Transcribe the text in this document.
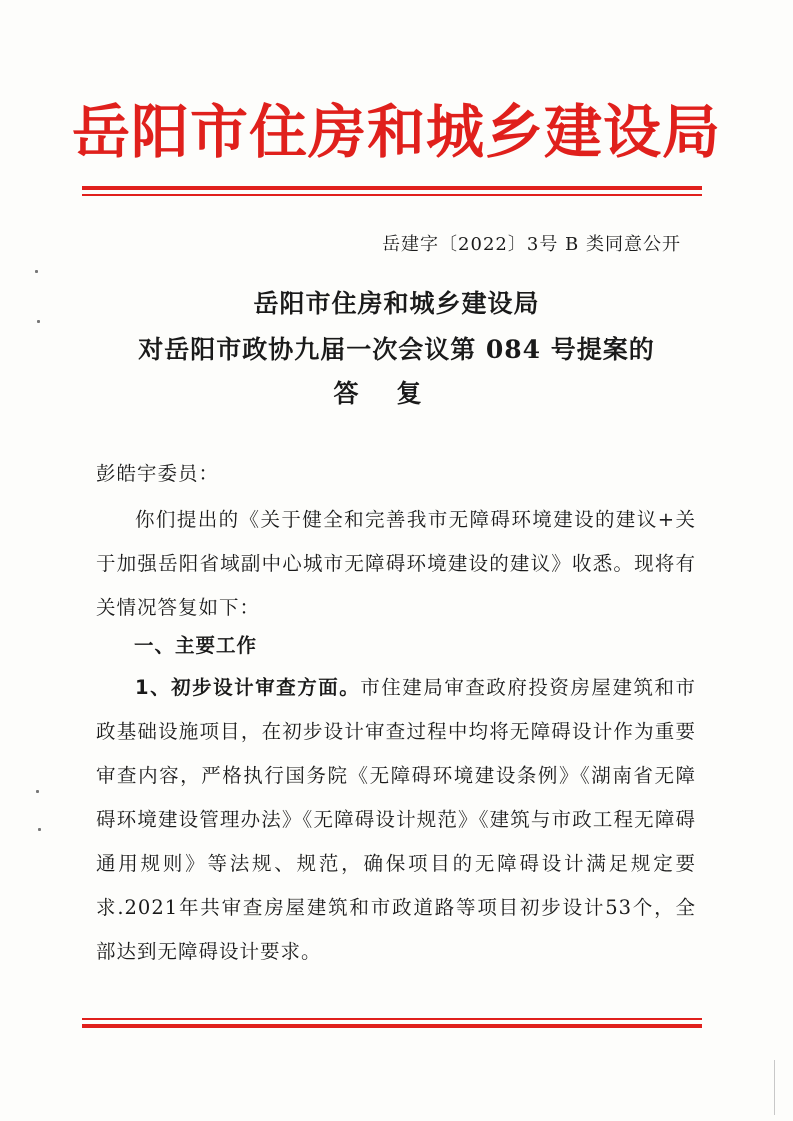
岳阳市住房和城乡建设局
岳建字〔2022〕3号 B 类同意公开
岳阳市住房和城乡建设局
对岳阳市政协九届一次会议第 084 号提案的
答复
彭皓宇委员：
你们提出的《关于健全和完善我市无障碍环境建设的建议+关于加强岳阳省域副中心城市无障碍环境建设的建议》收悉。现将有关情况答复如下：
一、主要工作
1、初步设计审查方面。市住建局审查政府投资房屋建筑和市政基础设施项目，在初步设计审查过程中均将无障碍设计作为重要审查内容，严格执行国务院《无障碍环境建设条例》《湖南省无障碍环境建设管理办法》《无障碍设计规范》《建筑与市政工程无障碍通用规则》等法规、规范，确保项目的无障碍设计满足规定要求.2021年共审查房屋建筑和市政道路等项目初步设计53个，全部达到无障碍设计要求。
